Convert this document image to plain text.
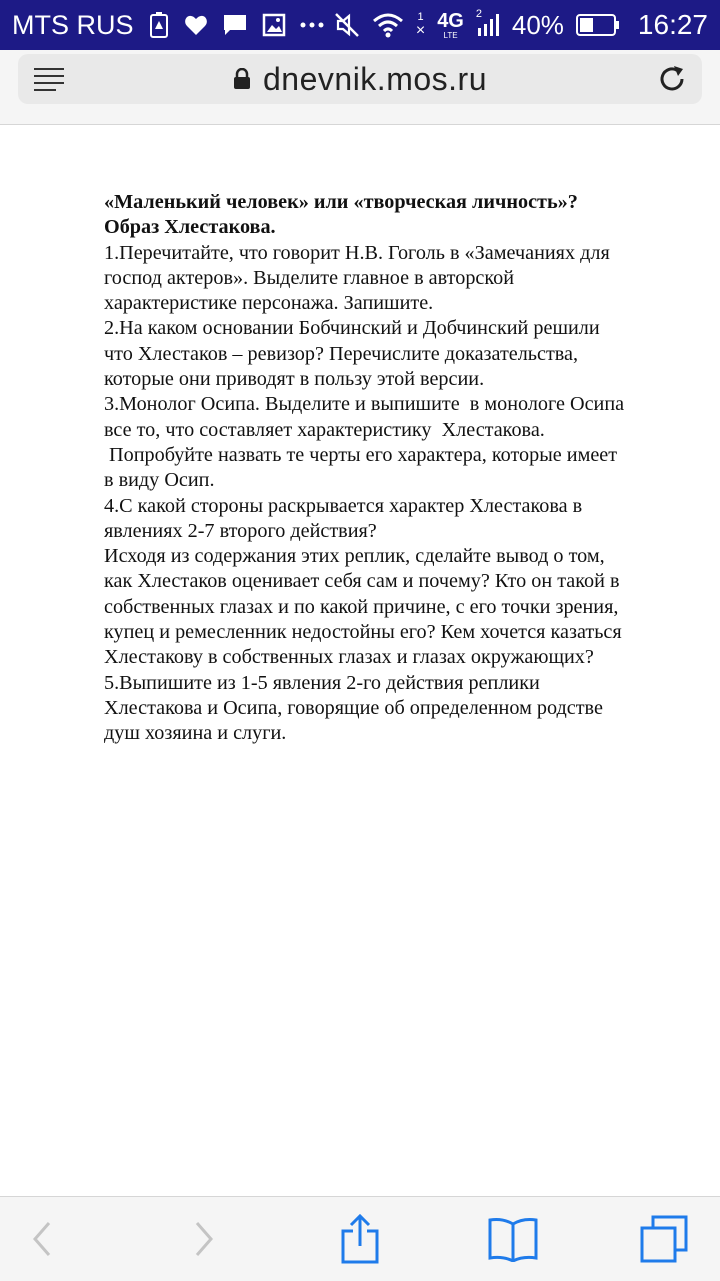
MTS RUS	1
× 4G
LTE
2 40%	16:27
dnevnik.mos.ru

«Маленький человек» или «творческая личность»?

Образ Хлестакова.

1.Перечитайте, что говорит Н.В. Гоголь в «Замечаниях для
господ актеров». Выделите главное в авторской
характеристике персонажа. Запишите.

2.На каком основании Бобчинский и Добчинский решили
что Хлестаков – ревизор? Перечислите доказательства,
которые они приводят в пользу этой версии.

3.Монолог Осипа. Выделите и выпишите  в монологе Осипа
все то, что составляет характеристику  Хлестакова.
Попробуйте назвать те черты его характера, которые имеет
в виду Осип.

4.С какой стороны раскрывается характер Хлестакова в
явлениях 2-7 второго действия?
Исходя из содержания этих реплик, сделайте вывод о том,
как Хлестаков оценивает себя сам и почему? Кто он такой в
собственных глазах и по какой причине, с его точки зрения,
купец и ремесленник недостойны его? Кем хочется казаться
Хлестакову в собственных глазах и глазах окружающих?

5.Выпишите из 1-5 явления 2-го действия реплики
Хлестакова и Осипа, говорящие об определенном родстве
душ хозяина и слуги.
